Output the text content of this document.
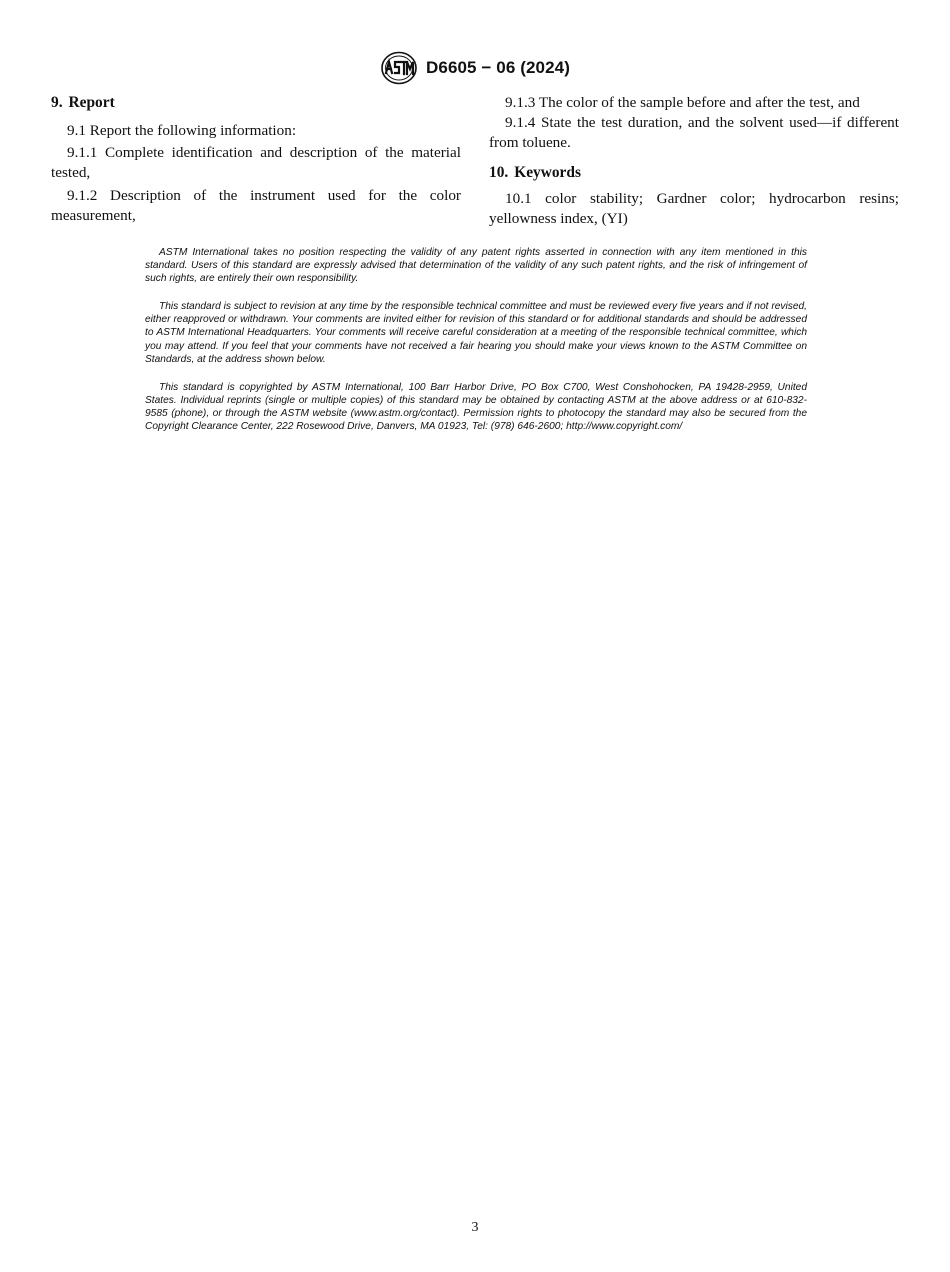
D6605 − 06 (2024)
9. Report

9.1 Report the following information:

9.1.1 Complete identification and description of the material tested,

9.1.2 Description of the instrument used for the color measurement,

9.1.3 The color of the sample before and after the test, and

9.1.4 State the test duration, and the solvent used—if different from toluene.

10. Keywords

10.1 color stability; Gardner color; hydrocarbon resins; yellowness index, (YI)

ASTM International takes no position respecting the validity of any patent rights asserted in connection with any item mentioned in this standard. Users of this standard are expressly advised that determination of the validity of any such patent rights, and the risk of infringement of such rights, are entirely their own responsibility.

This standard is subject to revision at any time by the responsible technical committee and must be reviewed every five years and if not revised, either reapproved or withdrawn. Your comments are invited either for revision of this standard or for additional standards and should be addressed to ASTM International Headquarters. Your comments will receive careful consideration at a meeting of the responsible technical committee, which you may attend. If you feel that your comments have not received a fair hearing you should make your views known to the ASTM Committee on Standards, at the address shown below.

This standard is copyrighted by ASTM International, 100 Barr Harbor Drive, PO Box C700, West Conshohocken, PA 19428-2959, United States. Individual reprints (single or multiple copies) of this standard may be obtained by contacting ASTM at the above address or at 610-832-9585 (phone), or through the ASTM website (www.astm.org/contact). Permission rights to photocopy the standard may also be secured from the Copyright Clearance Center, 222 Rosewood Drive, Danvers, MA 01923, Tel: (978) 646-2600; http://www.copyright.com/

3
